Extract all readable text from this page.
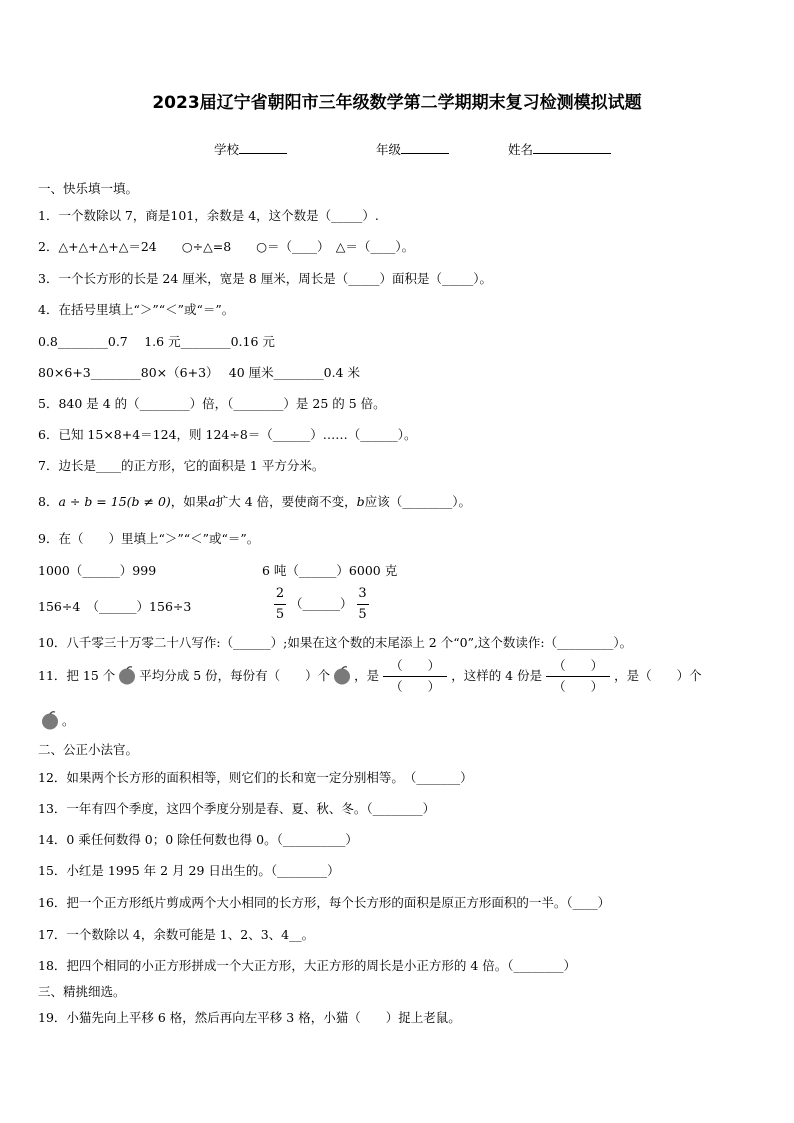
2023届辽宁省朝阳市三年级数学第二学期期末复习检测模拟试题
学校	年级	姓名
一、快乐填一填。
1．一个数除以 7，商是101，余数是 4，这个数是（_____）.
2．△+△+△+△＝24　　○÷△=8　　○＝（____）　△＝（____）。
3．一个长方形的长是 24 厘米，宽是 8 厘米，周长是（_____）面积是（_____）。
4．在括号里填上“＞”“＜”或“＝”。
0.8________0.7　 1.6 元________0.16 元
80×6+3________80×（6+3）　 40 厘米________0.4 米
5．840 是 4 的（________）倍，（________）是 25 的 5 倍。
6．已知 15×8+4＝124，则 124÷8＝（______）……（______）。
7．边长是____的正方形，它的面积是 1 平方分米。
8．a ÷ b = 15(b ≠ 0)，如果a扩大 4 倍，要使商不变，b应该（________）。
9．在（　　）里填上“＞”“＜”或“＝”。
1000（______）999	6 吨（______）6000 克
156÷4　（______）156÷3	$\frac{2}{5}$ （______） $\frac{3}{5}$
10．八千零三十万零二十八写作:（______）;如果在这个数的末尾添上 2 个“0”,这个数读作:（_________）。
11．把 15 个 平均分成 5 份，每份有（　　）个 ，是
（　　）
（　　）
，这样的 4 份是
（　　）
（　　）
，是（　　）个
。
二、公正小法官。
12．如果两个长方形的面积相等，则它们的长和宽一定分别相等。　（_______）
13．一年有四个季度，这四个季度分别是春、夏、秋、冬。（________）
14．0 乘任何数得 0；0 除任何数也得 0。（__________）
15．小红是 1995 年 2 月 29 日出生的。（________）
16．把一个正方形纸片剪成两个大小相同的长方形，每个长方形的面积是原正方形面积的一半。（____）
17．一个数除以 4，余数可能是 1、2、3、4__。
18．把四个相同的小正方形拼成一个大正方形，大正方形的周长是小正方形的 4 倍。（________）
三、精挑细选。
19．小猫先向上平移 6 格，然后再向左平移 3 格，小猫（　　）捉上老鼠。
